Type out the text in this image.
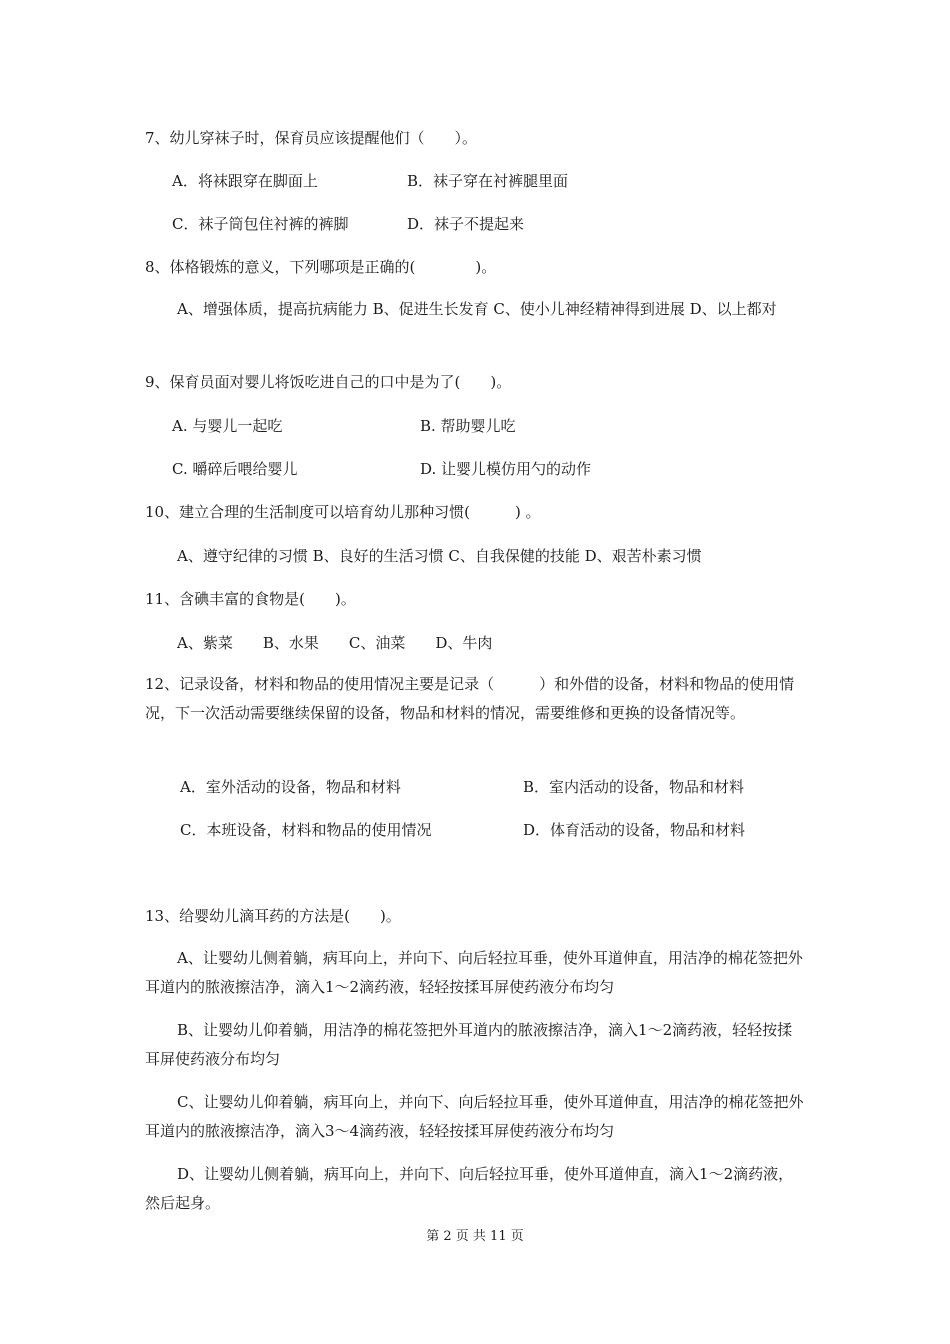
7、幼儿穿袜子时，保育员应该提醒他们（　　）。
A．将袜跟穿在脚面上	B．袜子穿在衬裤腿里面
C．袜子筒包住衬裤的裤脚	D．袜子不提起来
8、体格锻炼的意义，下列哪项是正确的(　　　　)。
A、增强体质，提高抗病能力 B、促进生长发育 C、使小儿神经精神得到进展 D、以上都对
9、保育员面对婴儿将饭吃进自己的口中是为了(　　)。
A. 与婴儿一起吃	B. 帮助婴儿吃
C. 嚼碎后喂给婴儿	D. 让婴儿模仿用勺的动作
10、建立合理的生活制度可以培育幼儿那种习惯(　　　) 。
A、遵守纪律的习惯 B、良好的生活习惯 C、自我保健的技能 D、艰苦朴素习惯
11、含碘丰富的食物是(　　)。
A、紫菜　　B、水果　　C、油菜　　D、牛肉
12、记录设备，材料和物品的使用情况主要是记录（　　　）和外借的设备，材料和物品的使用情况，下一次活动需要继续保留的设备，物品和材料的情况，需要维修和更换的设备情况等。
A．室外活动的设备，物品和材料	B．室内活动的设备，物品和材料
C．本班设备，材料和物品的使用情况	D．体育活动的设备，物品和材料
13、给婴幼儿滴耳药的方法是(　　)。
A、让婴幼儿侧着躺，病耳向上，并向下、向后轻拉耳垂，使外耳道伸直，用洁净的棉花签把外耳道内的脓液擦洁净，滴入1～2滴药液，轻轻按揉耳屏使药液分布均匀
B、让婴幼儿仰着躺，用洁净的棉花签把外耳道内的脓液擦洁净，滴入1～2滴药液，轻轻按揉耳屏使药液分布均匀
C、让婴幼儿仰着躺，病耳向上，并向下、向后轻拉耳垂，使外耳道伸直，用洁净的棉花签把外耳道内的脓液擦洁净，滴入3～4滴药液，轻轻按揉耳屏使药液分布均匀
D、让婴幼儿侧着躺，病耳向上，并向下、向后轻拉耳垂，使外耳道伸直，滴入1～2滴药液，然后起身。
第 2 页 共 11 页
